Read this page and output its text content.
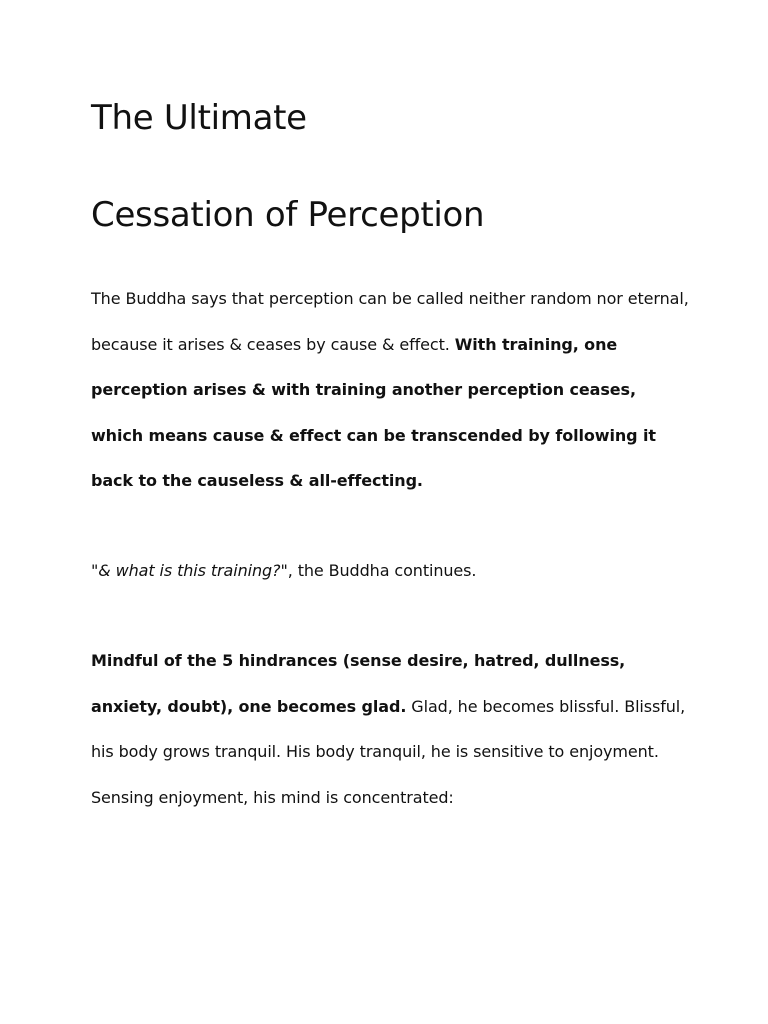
The Ultimate
Cessation of Perception

The Buddha says that perception can be called neither random nor eternal, because it arises & ceases by cause & effect. With training, one perception arises & with training another perception ceases, which means cause & effect can be transcended by following it back to the causeless & all-effecting.

"& what is this training?", the Buddha continues.

Mindful of the 5 hindrances (sense desire, hatred, dullness, anxiety, doubt), one becomes glad. Glad, he becomes blissful. Blissful, his body grows tranquil. His body tranquil, he is sensitive to enjoyment. Sensing enjoyment, his mind is concentrated:
